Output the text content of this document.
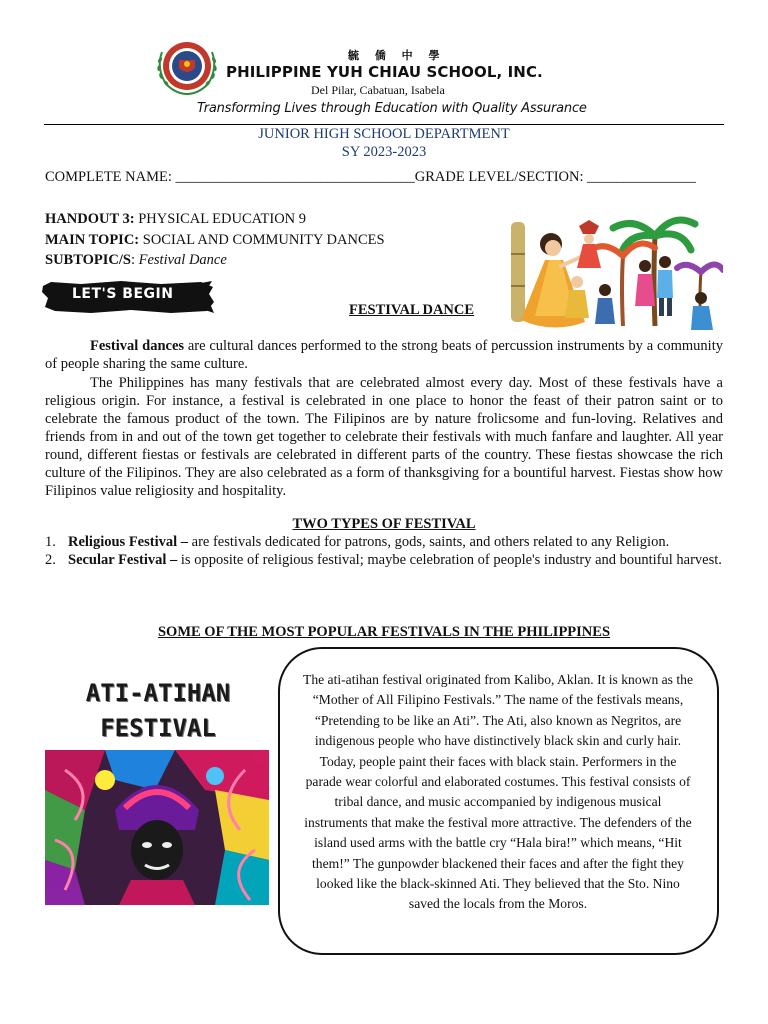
毓 僑 中 學
PHILIPPINE YUH CHIAU SCHOOL, INC.
Del Pilar, Cabatuan, Isabela
Transforming Lives through Education with Quality Assurance
JUNIOR HIGH SCHOOL DEPARTMENT
SY 2023-2023
COMPLETE NAME: _________________________________GRADE LEVEL/SECTION: _______________
HANDOUT 3: PHYSICAL EDUCATION 9
MAIN TOPIC: SOCIAL AND COMMUNITY DANCES
SUBTOPIC/S: Festival Dance
LET'S BEGIN
FESTIVAL DANCE
Festival dances are cultural dances performed to the strong beats of percussion instruments by a community of people sharing the same culture.
The Philippines has many festivals that are celebrated almost every day. Most of these festivals have a religious origin. For instance, a festival is celebrated in one place to honor the feast of their patron saint or to celebrate the famous product of the town. The Filipinos are by nature frolicsome and fun-loving. Relatives and friends from in and out of the town get together to celebrate their festivals with much fanfare and laughter. All year round, different fiestas or festivals are celebrated in different parts of the country. These fiestas showcase the rich culture of the Filipinos. They are also celebrated as a form of thanksgiving for a bountiful harvest. Fiestas show how Filipinos value religiosity and hospitality.
TWO TYPES OF FESTIVAL
1. Religious Festival – are festivals dedicated for patrons, gods, saints, and others related to any Religion.
2. Secular Festival – is opposite of religious festival; maybe celebration of people's industry and bountiful harvest.
SOME OF THE MOST POPULAR FESTIVALS IN THE PHILIPPINES
ATI-ATIHAN
FESTIVAL
The ati-atihan festival originated from Kalibo, Aklan. It is known as the “Mother of All Filipino Festivals.” The name of the festivals means, “Pretending to be like an Ati”. The Ati, also known as Negritos, are indigenous people who have distinctively black skin and curly hair. Today, people paint their faces with black stain. Performers in the parade wear colorful and elaborated costumes. This festival consists of tribal dance, and music accompanied by indigenous musical instruments that make the festival more attractive. The defenders of the island used arms with the battle cry “Hala bira!” which means, “Hit them!” The gunpowder blackened their faces and after the fight they looked like the black-skinned Ati. They believed that the Sto. Nino saved the locals from the Moros.
